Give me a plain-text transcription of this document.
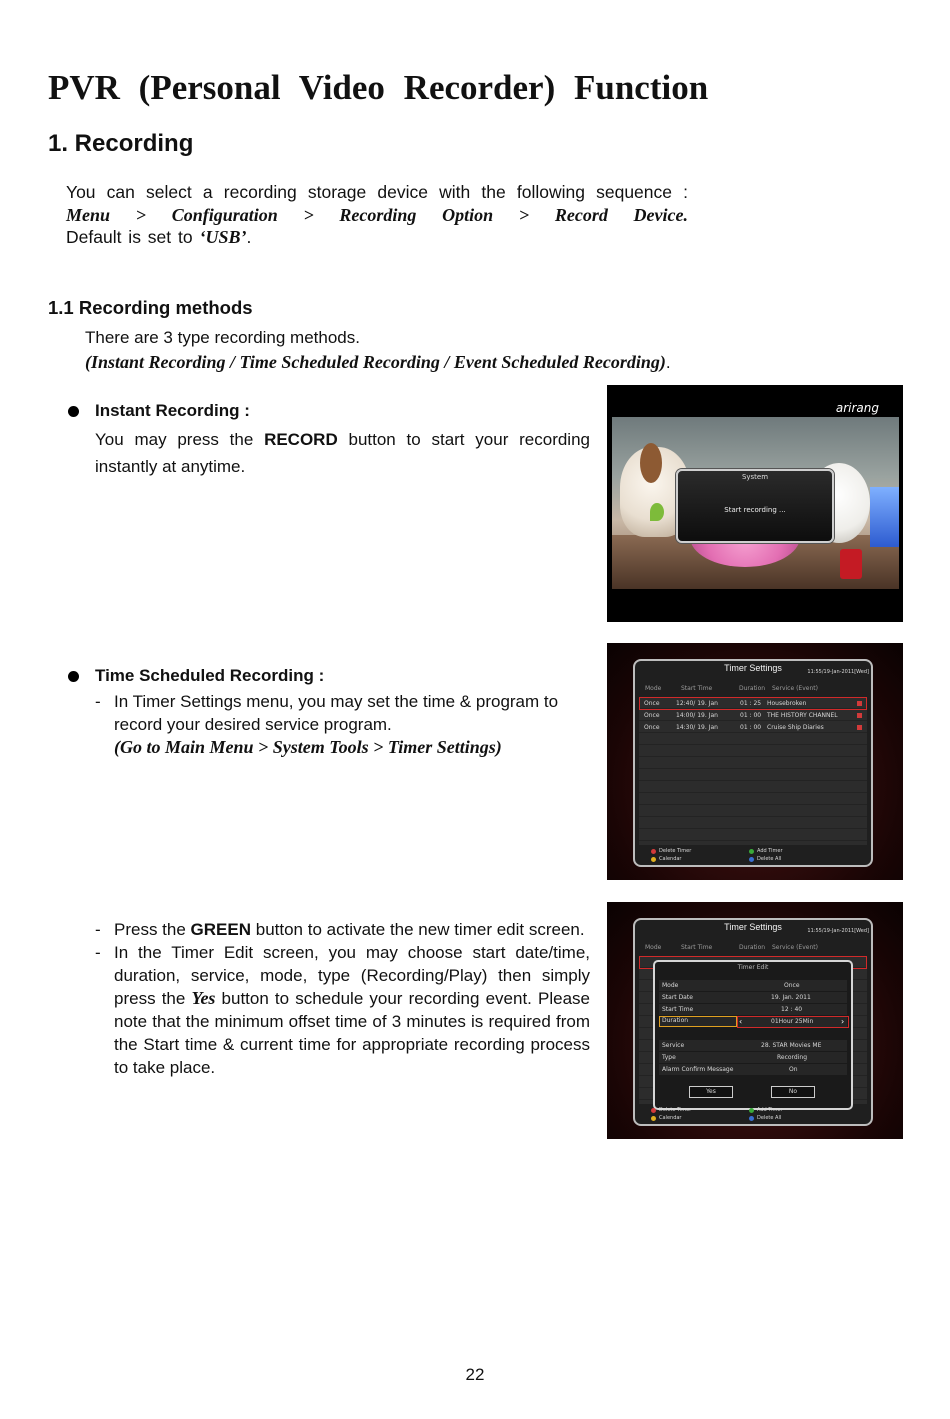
PVR (Personal Video Recorder) Function
1. Recording
You can select a recording storage device with the following sequence :
Menu > Configuration > Recording Option > Record Device.
Default is set to ‘USB’.
1.1 Recording methods
There are 3 type recording methods.
(Instant Recording / Time Scheduled Recording / Event Scheduled Recording).
Instant Recording :
You may press the RECORD button to start your recording instantly at anytime.
Time Scheduled Recording :
- In Timer Settings menu, you may set the time & program to record your desired service program.
(Go to Main Menu > System Tools > Timer Settings)
- Press the GREEN button to activate the new timer edit screen.
- In the Timer Edit screen, you may choose start date/time, duration, service, mode, type (Recording/Play) then simply press the Yes button to schedule your recording event. Please note that the minimum offset time of 3 minutes is required from the Start time & current time for appropriate recording process to take place.
arirang
System
Start recording ...
Timer Settings	11:55/19-Jan-2011[Wed]
Mode	Start Time	Duration Service (Event)
Once	12:40/ 19. Jan	01 : 25 Housebroken
Once	14:00/ 19. Jan	01 : 00 THE HISTORY CHANNEL
Once	14:30/ 19. Jan	01 : 00 Cruise Ship Diaries
Delete Timer	Add Timer
Calendar	Delete All
Timer Settings	11:55/19-Jan-2011[Wed]
Mode	Start Time	Duration Service (Event)
Timer Edit
Mode	Once
Start Date	19. Jan. 2011
Start Time	12 : 40
Duration	‹	01Hour 25Min	›
Service	28. STAR Movies ME
Type	Recording
Alarm Confirm Message	On
Yes	No
Delete Timer	Add Timer
Calendar	Delete All
22
